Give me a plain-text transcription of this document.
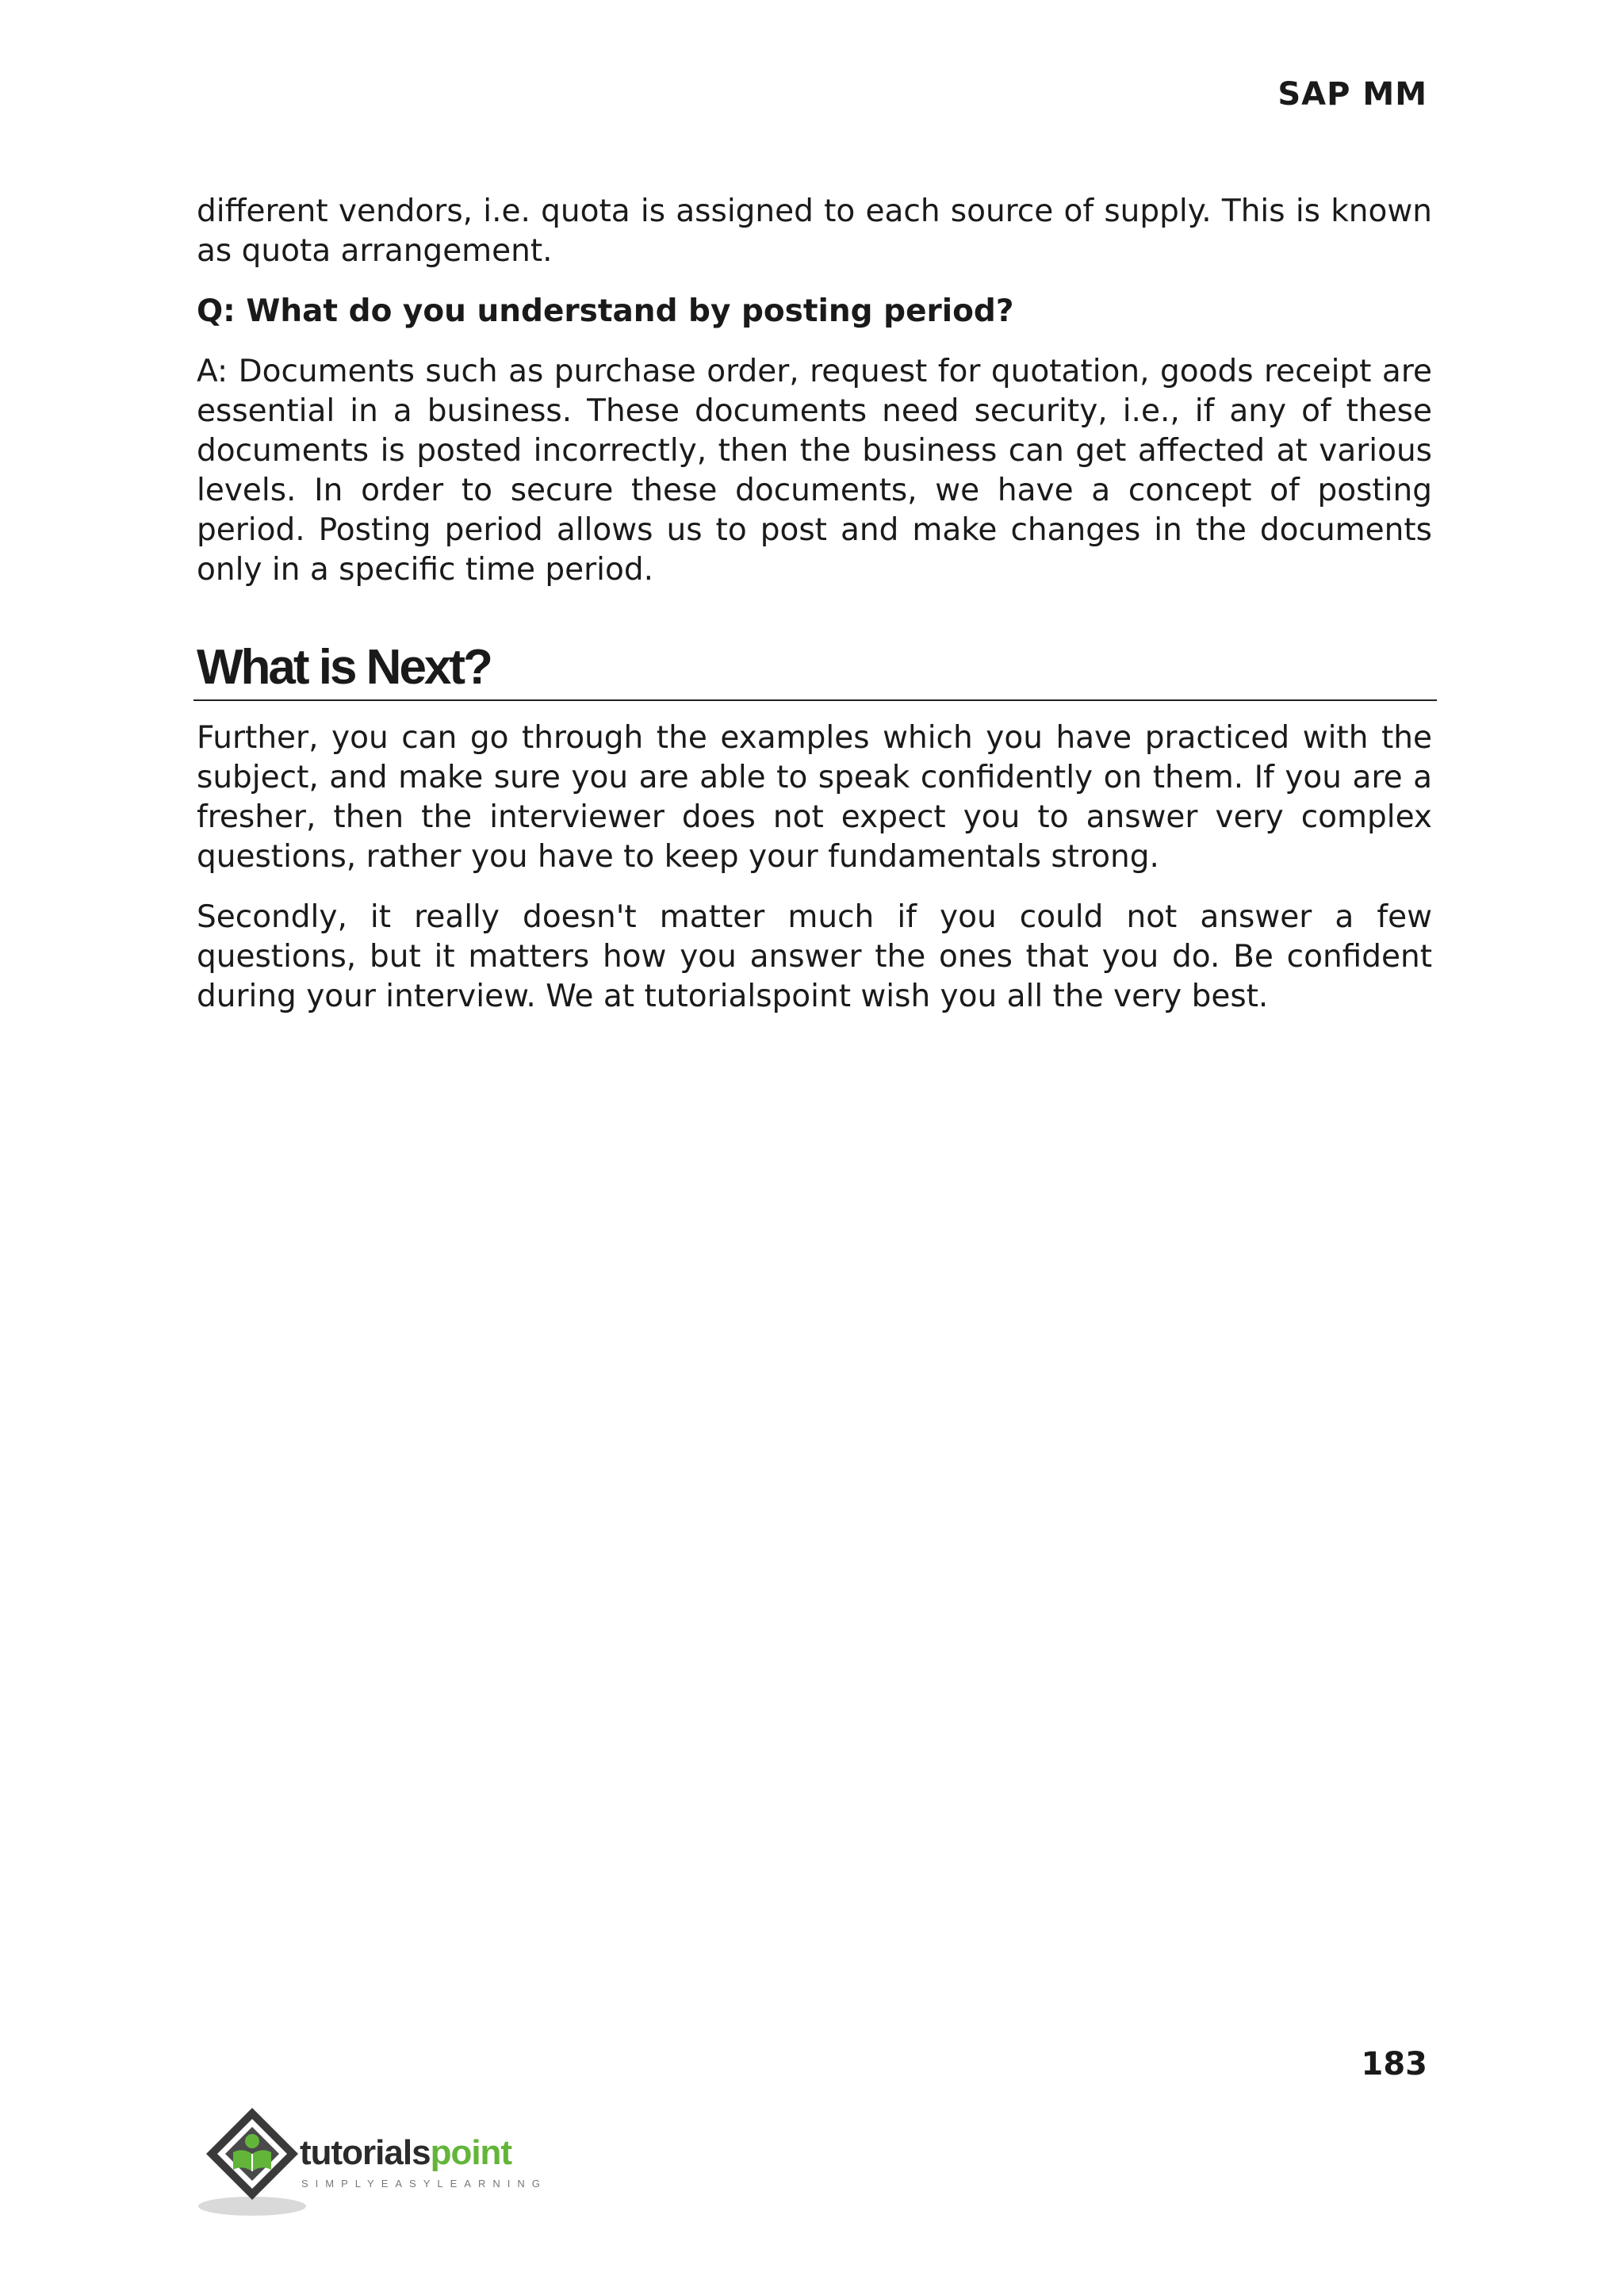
SAP MM

different vendors, i.e. quota is assigned to each source of supply. This is known as quota arrangement.

Q: What do you understand by posting period?

A: Documents such as purchase order, request for quotation, goods receipt are essential in a business. These documents need security, i.e., if any of these documents is posted incorrectly, then the business can get affected at various levels. In order to secure these documents, we have a concept of posting period. Posting period allows us to post and make changes in the documents only in a specific time period.

What is Next?

Further, you can go through the examples which you have practiced with the subject, and make sure you are able to speak confidently on them. If you are a fresher, then the interviewer does not expect you to answer very complex questions, rather you have to keep your fundamentals strong.

Secondly, it really doesn't matter much if you could not answer a few questions, but it matters how you answer the ones that you do. Be confident during your interview. We at tutorialspoint wish you all the very best.

183
tutorialspoint
SIMPLYEASYLEARNING
